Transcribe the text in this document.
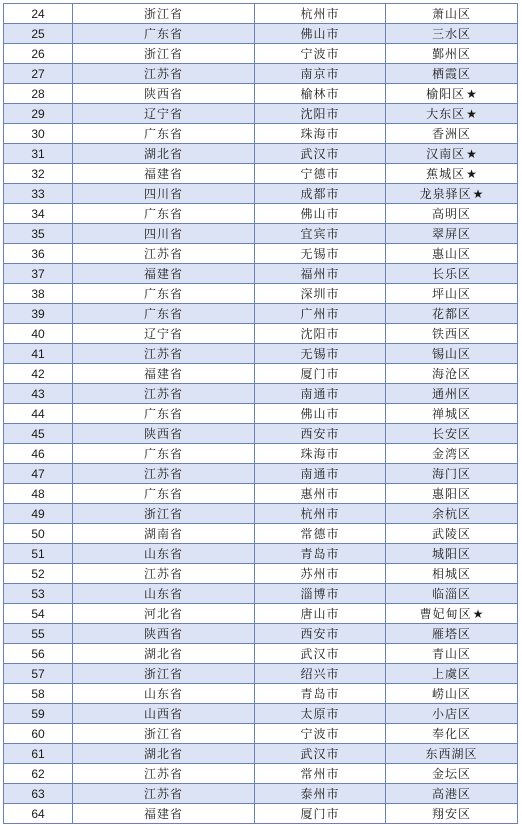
24	浙江省	杭州市	萧山区
25	广东省	佛山市	三水区
26	浙江省	宁波市	鄞州区
27	江苏省	南京市	栖霞区
28	陕西省	榆林市	榆阳区★
29	辽宁省	沈阳市	大东区★
30	广东省	珠海市	香洲区
31	湖北省	武汉市	汉南区★
32	福建省	宁德市	蕉城区★
33	四川省	成都市	龙泉驿区★
34	广东省	佛山市	高明区
35	四川省	宜宾市	翠屏区
36	江苏省	无锡市	惠山区
37	福建省	福州市	长乐区
38	广东省	深圳市	坪山区
39	广东省	广州市	花都区
40	辽宁省	沈阳市	铁西区
41	江苏省	无锡市	锡山区
42	福建省	厦门市	海沧区
43	江苏省	南通市	通州区
44	广东省	佛山市	禅城区
45	陕西省	西安市	长安区
46	广东省	珠海市	金湾区
47	江苏省	南通市	海门区
48	广东省	惠州市	惠阳区
49	浙江省	杭州市	余杭区
50	湖南省	常德市	武陵区
51	山东省	青岛市	城阳区
52	江苏省	苏州市	相城区
53	山东省	淄博市	临淄区
54	河北省	唐山市	曹妃甸区★
55	陕西省	西安市	雁塔区
56	湖北省	武汉市	青山区
57	浙江省	绍兴市	上虞区
58	山东省	青岛市	崂山区
59	山西省	太原市	小店区
60	浙江省	宁波市	奉化区
61	湖北省	武汉市	东西湖区
62	江苏省	常州市	金坛区
63	江苏省	泰州市	高港区
64	福建省	厦门市	翔安区
